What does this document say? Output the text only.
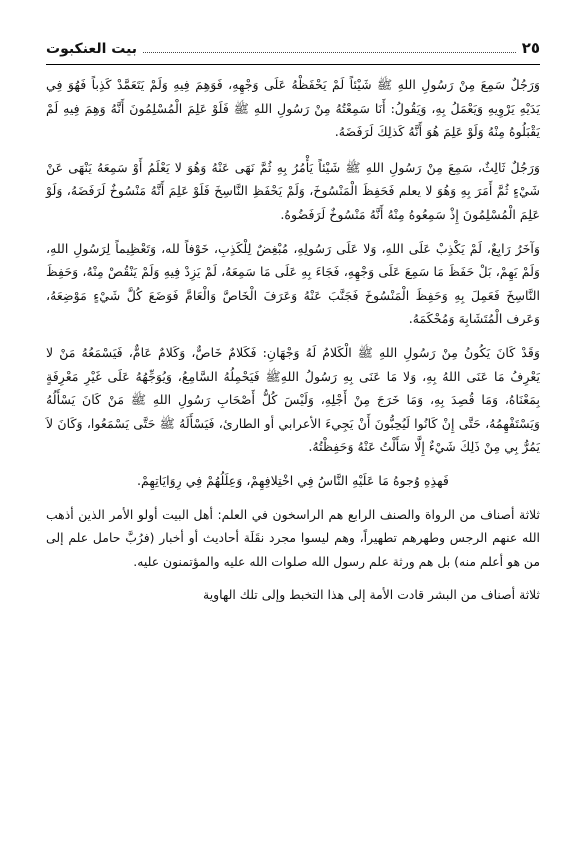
٢٥
بيت العنكبوت

وَرَجُلٌ سَمِعَ مِنْ رَسُولِ اللهِ ﷺ شَيْئاً لَمْ يَحْفَظْهُ عَلَى وَجْهِهِ، فَوَهِمَ فِيهِ وَلَمْ يَتَعَمَّدْ كَذِباً فَهُوَ فِي يَدَيْهِ يَرْوِيهِ وَيَعْمَلُ بِهِ، وَيَقُولُ: أَنَا سَمِعْتُهُ مِنْ رَسُولِ اللهِ ﷺ فَلَوْ عَلِمَ الْمُسْلِمُونَ أَنَّهُ وَهِمَ فِيهِ لَمْ يَقْبَلُوهُ مِنْهُ وَلَوْ عَلِمَ هُوَ أَنَّهُ كَذلِكَ لَرَفَضَهُ.

وَرَجُلٌ ثَالِثٌ، سَمِعَ مِنْ رَسُولِ اللهِ ﷺ شَيْئاً يَأْمُرُ بِهِ ثُمَّ نَهَى عَنْهُ وَهُوَ لا يَعْلَمُ أَوْ سَمِعَهُ يَنْهَى عَنْ شَيْءٍ ثُمَّ أَمَرَ بِهِ وَهُوَ لا يعلم فَحَفِظَ الْمَنْسُوخَ، وَلَمْ يَحْفَظِ النَّاسِخَ فَلَوْ عَلِمَ أَنَّهُ مَنْسُوخٌ لَرَفَضَهُ، وَلَوْ عَلِمَ الْمُسْلِمُونَ إِذْ سَمِعُوهُ مِنْهُ أَنَّهُ مَنْسُوخٌ لَرَفَضُوهُ.

وَآخَرُ رَابِعٌ، لَمْ يَكْذِبْ عَلَى اللهِ، وَلا عَلَى رَسُولِهِ، مُبْغِضٌ لِلْكَذِبِ، خَوْفاً لله، وَتَعْظِيماً لِرَسُولِ اللهِ، وَلَمْ يَهِمْ، بَلْ حَفَظَ مَا سَمِعَ عَلَى وَجْهِهِ، فَجَاءَ بِهِ عَلَى مَا سَمِعَهُ، لَمْ يَزِدْ فِيهِ وَلَمْ يَنْقُصْ مِنْهُ، وَحَفِظَ النَّاسِخَ فَعَمِلَ بِهِ وَحَفِظَ الْمَنْسُوخَ فَجَنَّبَ عَنْهُ وَعَرَفَ الْخَاصَّ وَالْعَامَّ فَوَضَعَ كُلَّ شَيْءٍ مَوْضِعَهُ، وَعَرف الْمُتَشَابِهَ وَمُحْكَمَهُ.

وَقَدْ كَانَ يَكُونُ مِنْ رَسُولِ اللهِ ﷺ الْكَلامُ لَهُ وَجْهَانِ: فَكَلامٌ خَاصٌّ، وَكَلامٌ عَامٌّ، فَيَسْمَعُهُ مَنْ لا يَعْرِفُ مَا عَنَى اللهُ بِهِ، وَلا مَا عَنَى بِهِ رَسُولُ اللهِﷺ فَيَحْمِلُهُ السَّامِعُ، وَيُوَجِّهُهُ عَلَى غَيْرِ مَعْرِفَةٍ بِمَعْنَاهُ، وَمَا قُصِدَ بِهِ، وَمَا خَرَجَ مِنْ أَجْلِهِ، وَلَيْسَ كُلُّ أَصْحَابِ رَسُولِ اللهِ ﷺ مَنْ كَانَ يَسْأَلُهُ وَيَسْتَفْهِمُهُ، حَتَّى إِنْ كَانُوا لَيُحِبُّونَ أَنْ يَجِيءَ الأعرابي أو الطارئ، فَيَسْأَلَهُ ﷺ حَتَّى يَسْمَعُوا، وَكَانَ لاَ يَمُرُّ بِي مِنْ ذَلِكَ شَيْءٌ إِلَّا سَأَلْتُ عَنْهُ وَحَفِظْتُهُ.

فَهذِهِ وُجوهُ مَا عَلَيْهِ النَّاسُ فِي اخْتِلافِهِمْ، وَعِلَلُهُمْ فِي رِوَايَاتِهِمْ.

ثلاثة أصناف من الرواة والصنف الرابع هم الراسخون في العلم: أهل البيت أولو الأمر الذين أذهب الله عنهم الرجس وطهرهم تطهيراً، وهم ليسوا مجرد نقَلَة أحاديث أو أخبار (فرُبَّ حامل علم إلى من هو أعلم منه) بل هم ورثة علم رسول الله صلوات الله عليه والمؤتمنون عليه.

ثلاثة أصناف من البشر قادت الأمة إلى هذا التخبط وإلى تلك الهاوية
